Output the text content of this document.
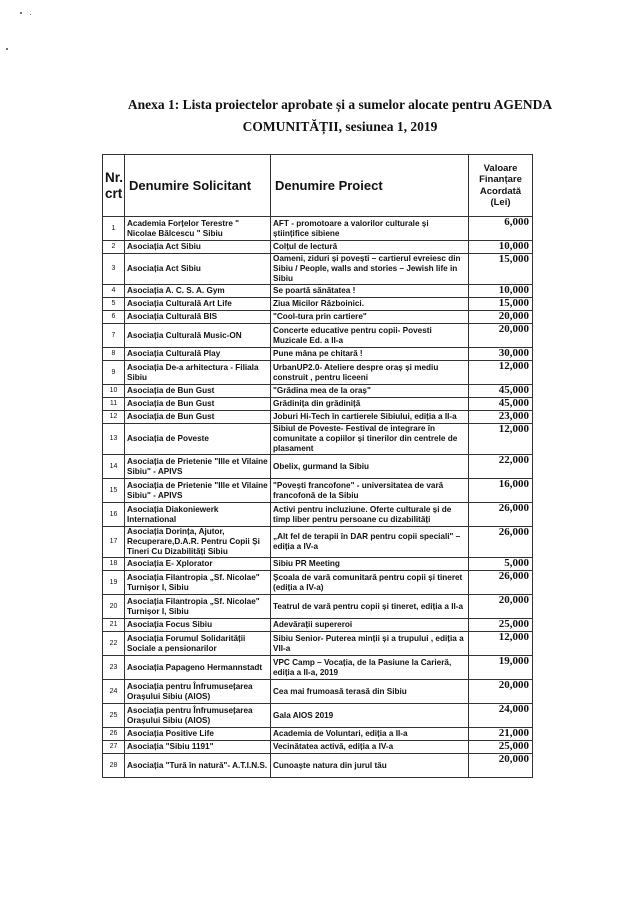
Anexa 1: Lista proiectelor aprobate și a sumelor alocate pentru AGENDA
COMUNITĂȚII, sesiunea 1, 2019
Nr. crt	Denumire Solicitant	Denumire Proiect	Valoare Finanțare Acordată (Lei)
1	Academia Forțelor Terestre " Nicolae Bălcescu " Sibiu	AFT - promotoare a valorilor culturale și științifice sibiene	6,000
2	Asociația Act Sibiu	Colțul de lectură	10,000
3	Asociația Act Sibiu	Oameni, ziduri și povești – cartierul evreiesc din Sibiu / People, walls and stories – Jewish life in Sibiu	15,000
4	Asociația A. C. S. A. Gym	Se poartă sănătatea !	10,000
5	Asociația Culturală Art Life	Ziua Micilor Războinici.	15,000
6	Asociația Culturală BIS	"Cool-tura prin cartiere"	20,000
7	Asociația Culturală Music-ON	Concerte educative pentru copii- Povesti Muzicale Ed. a II-a	20,000
8	Asociația Culturală Play	Pune mâna pe chitară !	30,000
9	Asociația De-a arhitectura - Filiala Sibiu	UrbanUP2.0- Ateliere despre oraș și mediu construit , pentru liceeni	12,000
10	Asociația de Bun Gust	"Grădina mea de la oraș"	45,000
11	Asociația de Bun Gust	Grădinița din grădiniță	45,000
12	Asociația de Bun Gust	Joburi Hi-Tech în cartierele Sibiului, ediția a II-a	23,000
13	Asociația de Poveste	Sibiul de Poveste- Festival de integrare în comunitate a copiilor și tinerilor din centrele de plasament	12,000
14	Asociația de Prietenie "Ille et Vilaine Sibiu" - APIVS	Obelix, gurmand la Sibiu	22,000
15	Asociația de Prietenie "Ille et Vilaine Sibiu" - APIVS	"Povești francofone" - universitatea de vară francofonă de la Sibiu	16,000
16	Asociația Diakoniewerk International	Activi pentru incluziune. Oferte culturale și de timp liber pentru persoane cu dizabilități	26,000
17	Asociația Dorința, Ajutor, Recuperare,D.A.R. Pentru Copii Și Tineri Cu Dizabilități Sibiu	„Alt fel de terapii în DAR pentru copii speciali" – ediția a IV-a	26,000
18	Asociația E- Xplorator	Sibiu PR Meeting	5,000
19	Asociația Filantropia „Sf. Nicolae" Turnișor I, Sibiu	Școala de vară comunitară pentru copii și tineret (ediția a IV-a)	26,000
20	Asociația Filantropia „Sf. Nicolae" Turnișor I, Sibiu	Teatrul de vară pentru copii și tineret, ediția a II-a	20,000
21	Asociația Focus Sibiu	Adevărații supereroi	25,000
22	Asociația Forumul Solidarității Sociale a pensionarilor	Sibiu Senior- Puterea minții și a trupului , ediția a VII-a	12,000
23	Asociația Papageno Hermannstadt	VPC Camp – Vocația, de la Pasiune la Carieră, ediția a II-a, 2019	19,000
24	Asociația pentru Înfrumusețarea Orașului Sibiu (AIOS)	Cea mai frumoasă terasă din Sibiu	20,000
25	Asociația pentru Înfrumusețarea Orașului Sibiu (AIOS)	Gala AIOS 2019	24,000
26	Asociația Positive Life	Academia de Voluntari, ediția a II-a	21,000
27	Asociația "Sibiu 1191"	Vecinătatea activă, ediția a IV-a	25,000
28	Asociația "Tură în natură"- A.T.I.N.S.	Cunoaște natura din jurul tău	20,000
